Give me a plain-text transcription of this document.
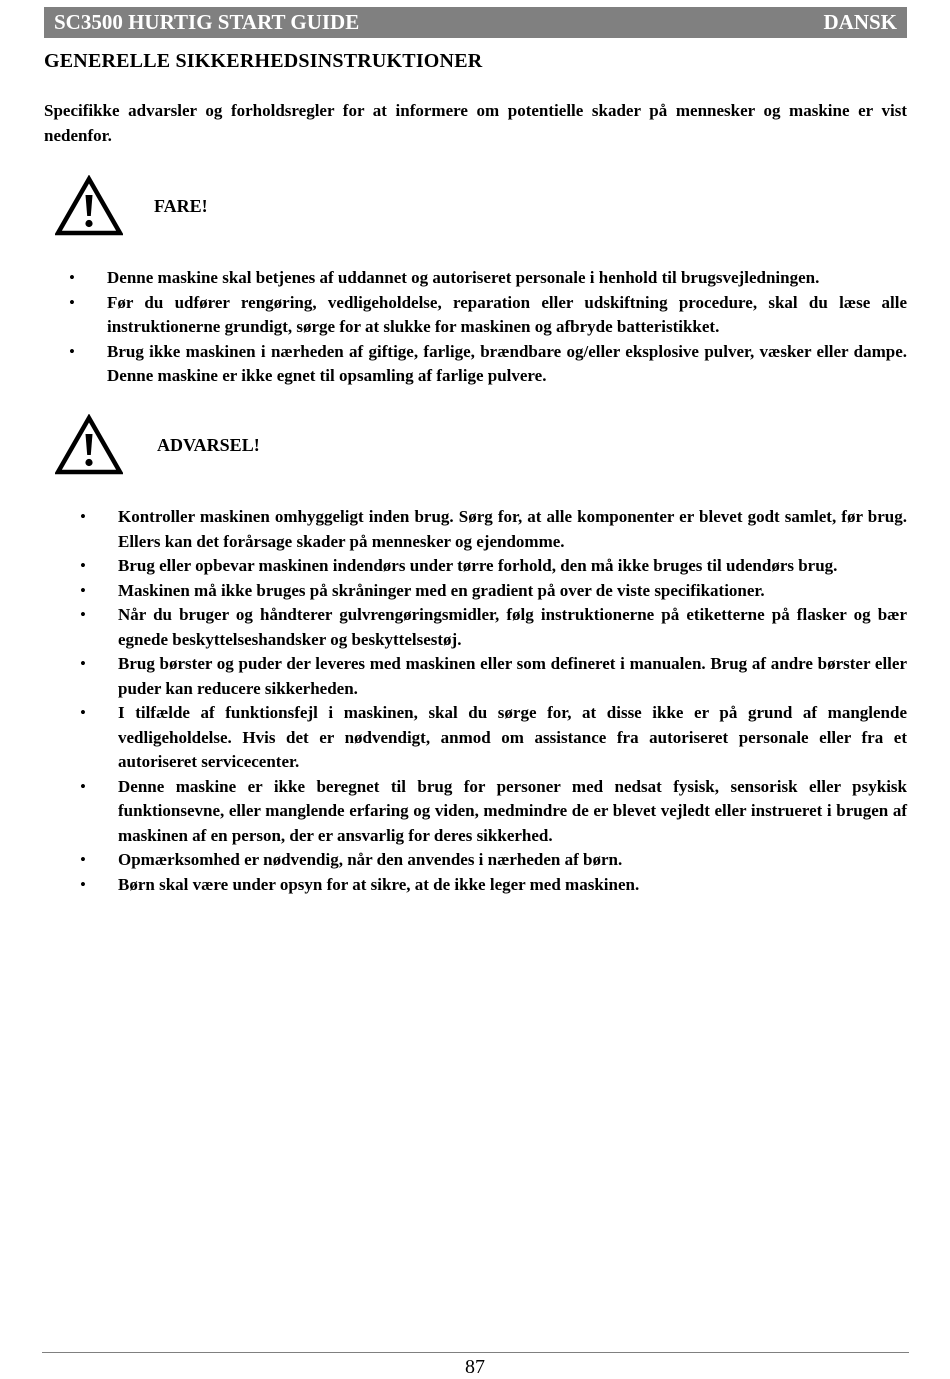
SC3500 HURTIG START GUIDE	DANSK
GENERELLE SIKKERHEDSINSTRUKTIONER
Specifikke advarsler og forholdsregler for at informere om potentielle skader på mennesker og maskine er vist nedenfor.
FARE!
• Denne maskine skal betjenes af uddannet og autoriseret personale i henhold til brugsvejledningen.
• Før du udfører rengøring, vedligeholdelse, reparation eller udskiftning procedure, skal du læse alle instruktionerne grundigt, sørge for at slukke for maskinen og afbryde batteristikket.
• Brug ikke maskinen i nærheden af giftige, farlige, brændbare og/eller eksplosive pulver, væsker eller dampe. Denne maskine er ikke egnet til opsamling af farlige pulvere.
ADVARSEL!
• Kontroller maskinen omhyggeligt inden brug. Sørg for, at alle komponenter er blevet godt samlet, før brug. Ellers kan det forårsage skader på mennesker og ejendomme.
• Brug eller opbevar maskinen indendørs under tørre forhold, den må ikke bruges til udendørs brug.
• Maskinen må ikke bruges på skråninger med en gradient på over de viste specifikationer.
• Når du bruger og håndterer gulvrengøringsmidler, følg instruktionerne på etiketterne på flasker og bær egnede beskyttelseshandsker og beskyttelsestøj.
• Brug børster og puder der leveres med maskinen eller som defineret i manualen. Brug af andre børster eller puder kan reducere sikkerheden.
• I tilfælde af funktionsfejl i maskinen, skal du sørge for, at disse ikke er på grund af manglende vedligeholdelse. Hvis det er nødvendigt, anmod om assistance fra autoriseret personale eller fra et autoriseret servicecenter.
• Denne maskine er ikke beregnet til brug for personer med nedsat fysisk, sensorisk eller psykisk funktionsevne, eller manglende erfaring og viden, medmindre de er blevet vejledt eller instrueret i brugen af maskinen af en person, der er ansvarlig for deres sikkerhed.
• Opmærksomhed er nødvendig, når den anvendes i nærheden af børn.
• Børn skal være under opsyn for at sikre, at de ikke leger med maskinen.
87
